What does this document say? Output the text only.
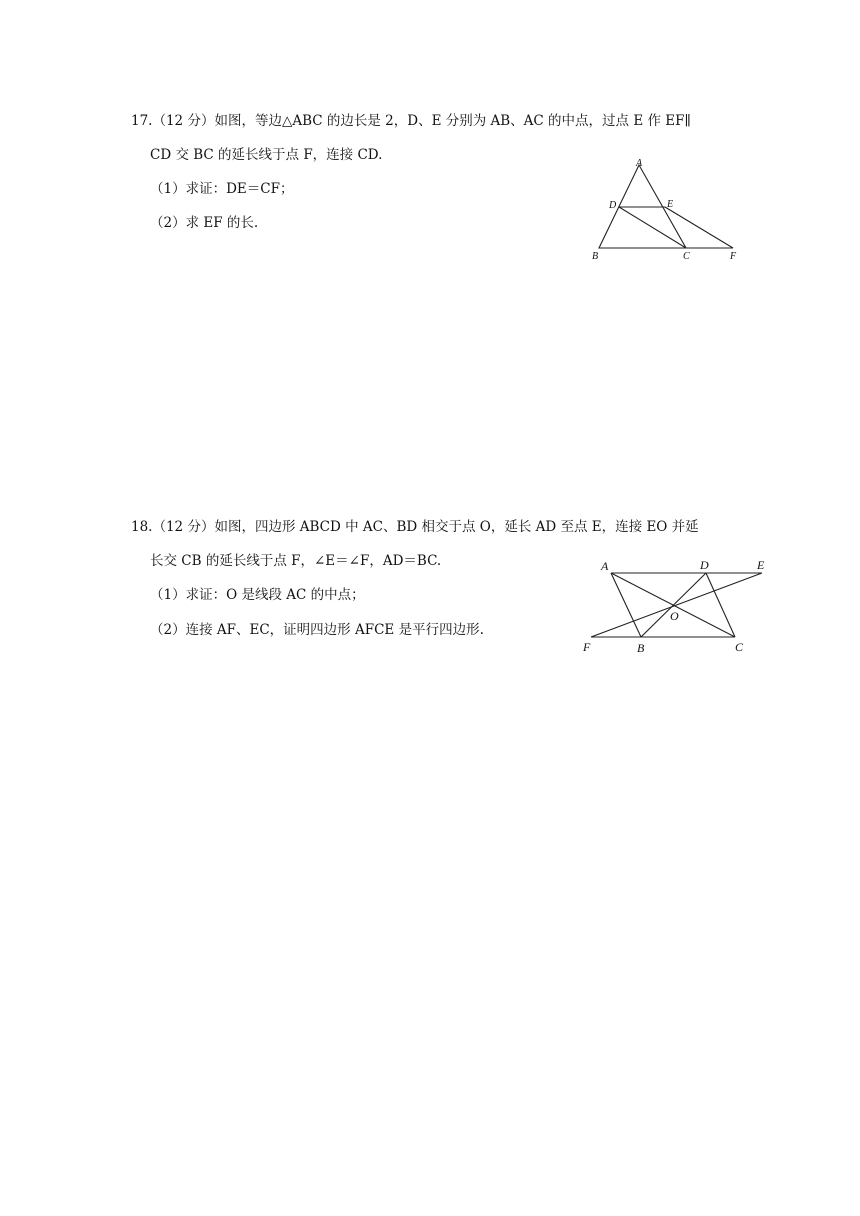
17.（12 分）如图，等边△ABC 的边长是 2，D、E 分别为 AB、AC 的中点，过点 E 作 EF∥
CD 交 BC 的延长线于点 F，连接 CD.
（1）求证：DE＝CF；
（2）求 EF 的长.
A
D	E
B	C	F
18.（12 分）如图，四边形 ABCD 中 AC、BD 相交于点 O，延长 AD 至点 E，连接 EO 并延
长交 CB 的延长线于点 F，∠E＝∠F，AD＝BC.
（1）求证：O 是线段 AC 的中点；
（2）连接 AF、EC，证明四边形 AFCE 是平行四边形.
A	D	E
O
F	B	C
